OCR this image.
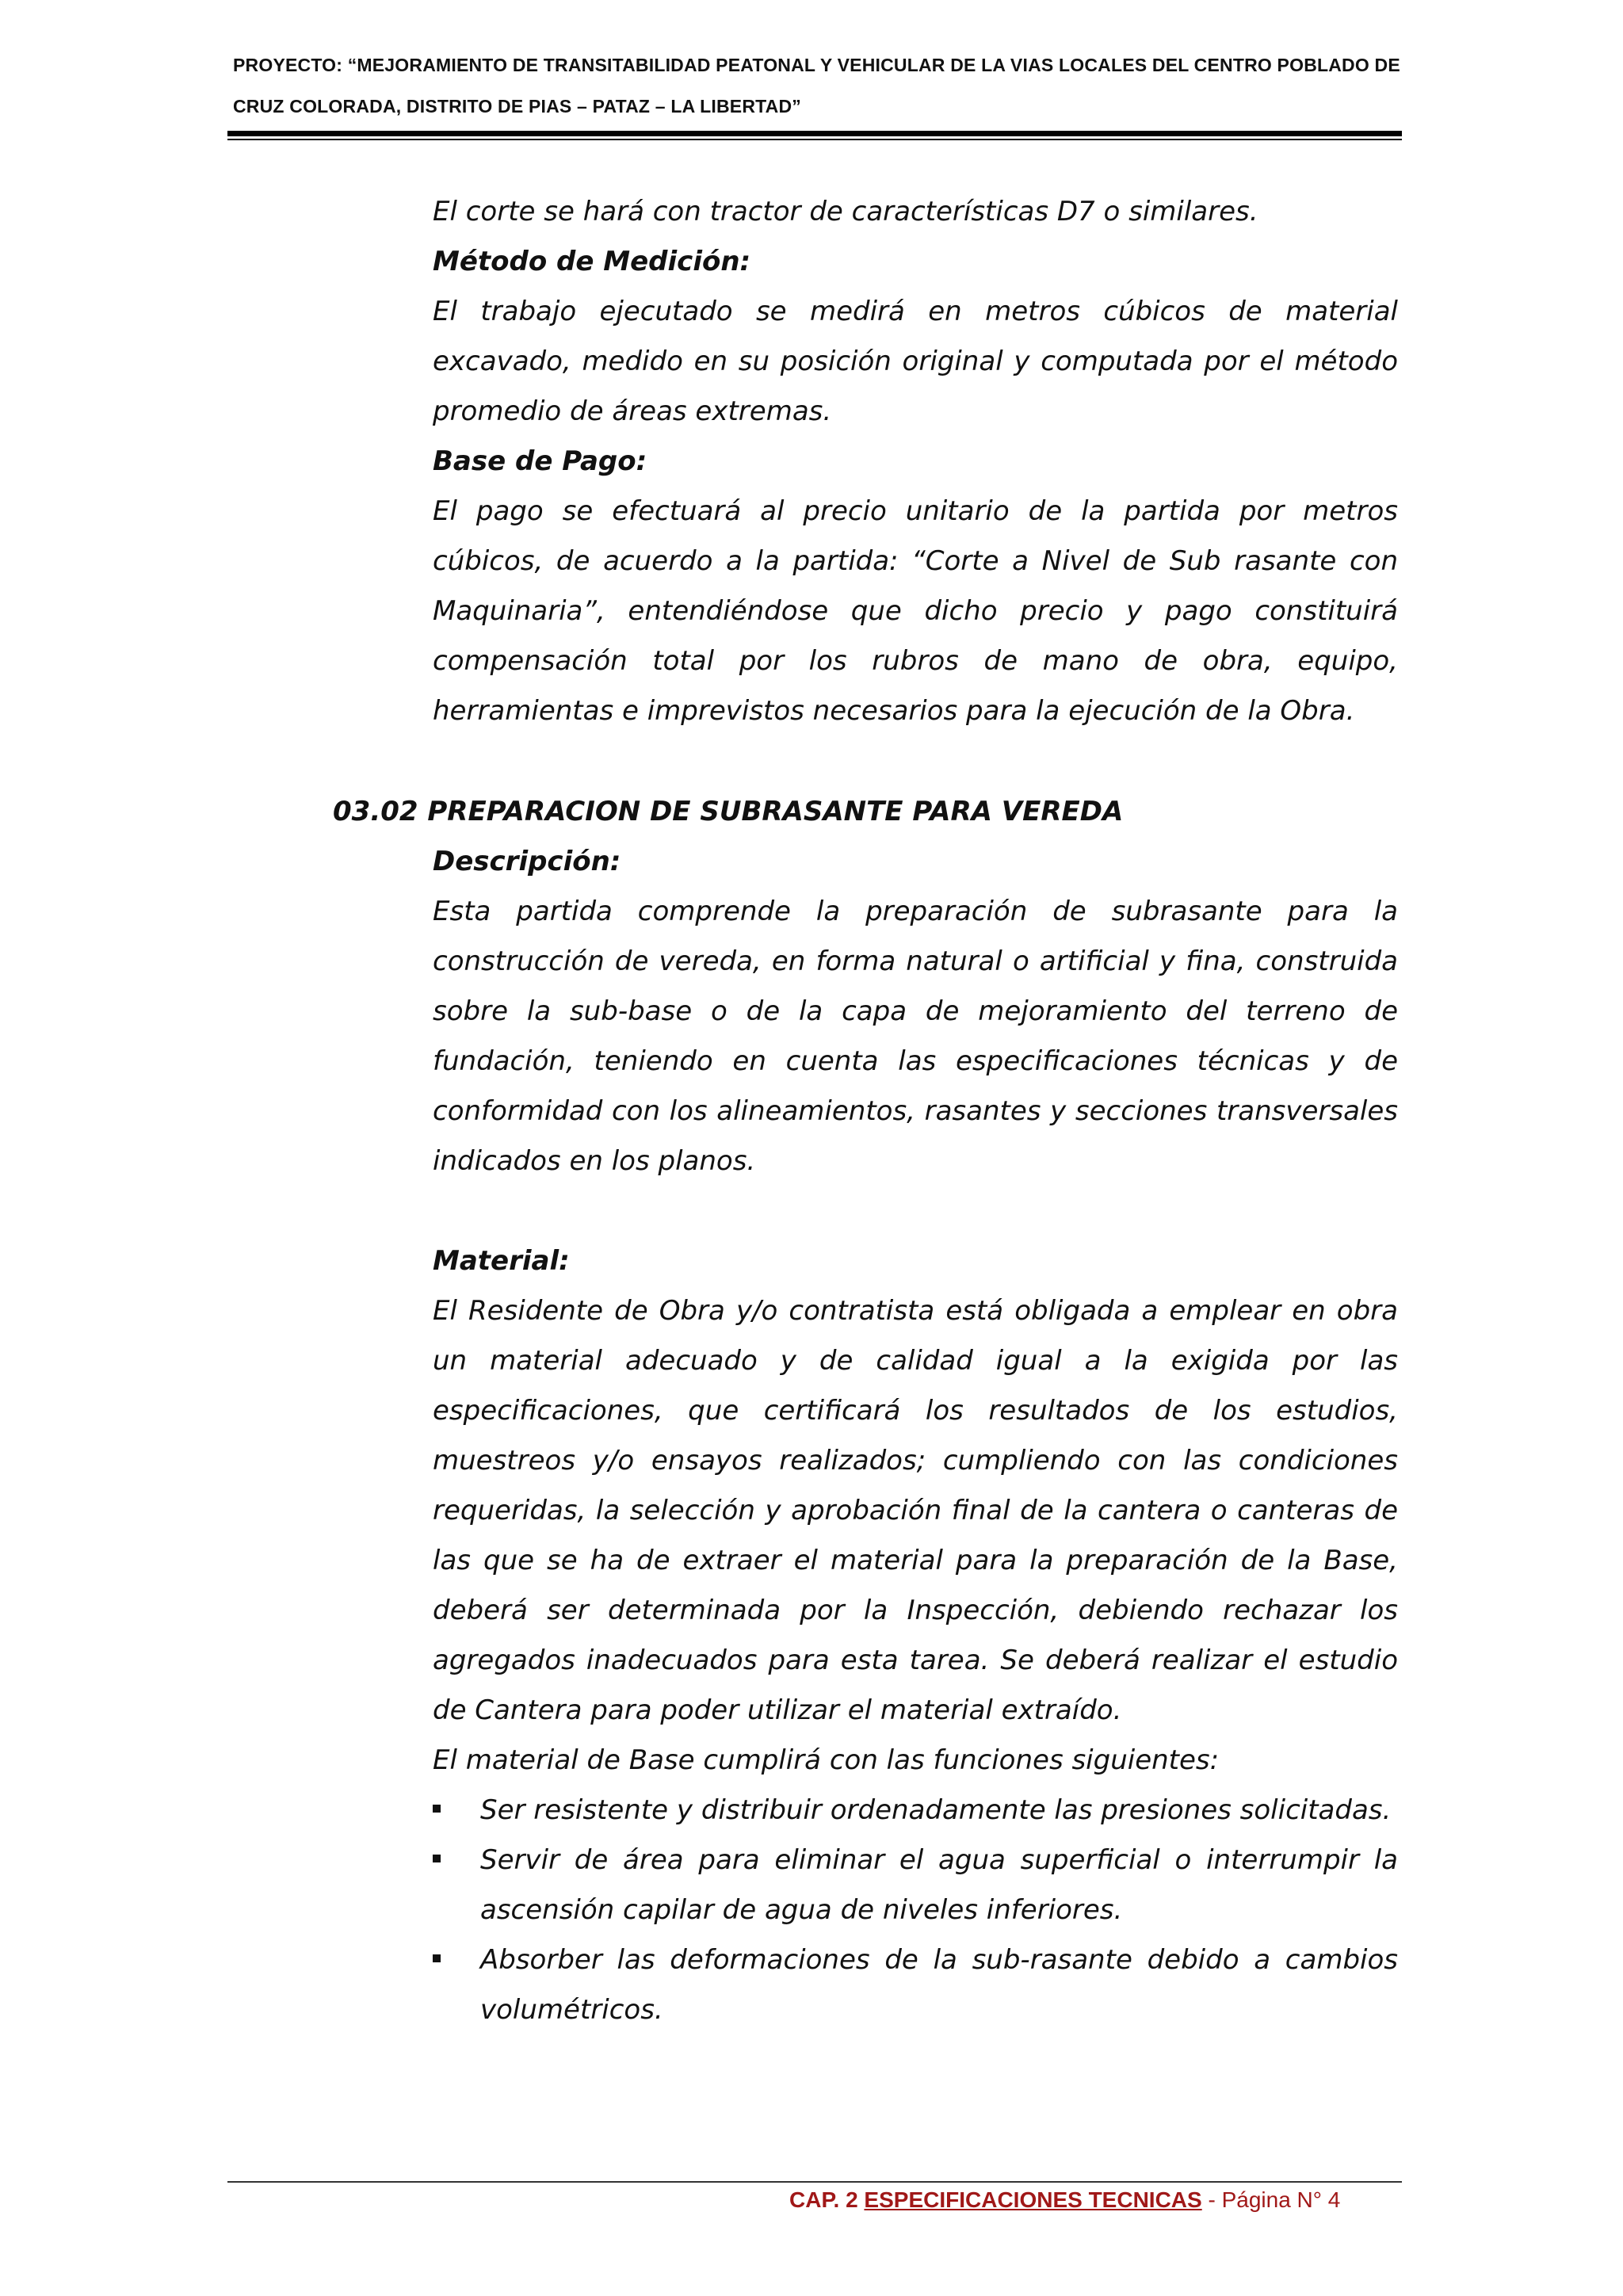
PROYECTO: “MEJORAMIENTO DE TRANSITABILIDAD PEATONAL Y VEHICULAR DE LA VIAS LOCALES DEL CENTRO POBLADO DE
CRUZ COLORADA, DISTRITO DE PIAS – PATAZ – LA LIBERTAD”

El corte se hará con tractor de características D7 o similares.

Método de Medición:

El trabajo ejecutado se medirá en metros cúbicos de material excavado, medido en su posición original y computada por el método promedio de áreas extremas.

Base de Pago:

El pago se efectuará al precio unitario de la partida por metros cúbicos, de acuerdo a la partida: “Corte a Nivel de Sub rasante con Maquinaria”, entendiéndose que dicho precio y pago constituirá compensación total por los rubros de mano de obra, equipo, herramientas e imprevistos necesarios para la ejecución de la Obra.

03.02 PREPARACION DE SUBRASANTE PARA VEREDA

Descripción:

Esta partida comprende la preparación de subrasante para la construcción de vereda, en forma natural o artificial y fina, construida sobre la sub-base o de la capa de mejoramiento del terreno de fundación, teniendo en cuenta las especificaciones técnicas y de conformidad con los alineamientos, rasantes y secciones transversales indicados en los planos.

Material:

El Residente de Obra y/o contratista está obligada a emplear en obra un material adecuado y de calidad igual a la exigida por las especificaciones, que certificará los resultados de los estudios, muestreos y/o ensayos realizados; cumpliendo con las condiciones requeridas, la selección y aprobación final de la cantera o canteras de las que se ha de extraer el material para la preparación de la Base, deberá ser determinada por la Inspección, debiendo rechazar los agregados inadecuados para esta tarea. Se deberá realizar el estudio de Cantera para poder utilizar el material extraído.

El material de Base cumplirá con las funciones siguientes:

Ser resistente y distribuir ordenadamente las presiones solicitadas.
Servir de área para eliminar el agua superficial o interrumpir la ascensión capilar de agua de niveles inferiores.
Absorber las deformaciones de la sub-rasante debido a cambios volumétricos.
CAP. 2 ESPECIFICACIONES TECNICAS - Página N° 4
